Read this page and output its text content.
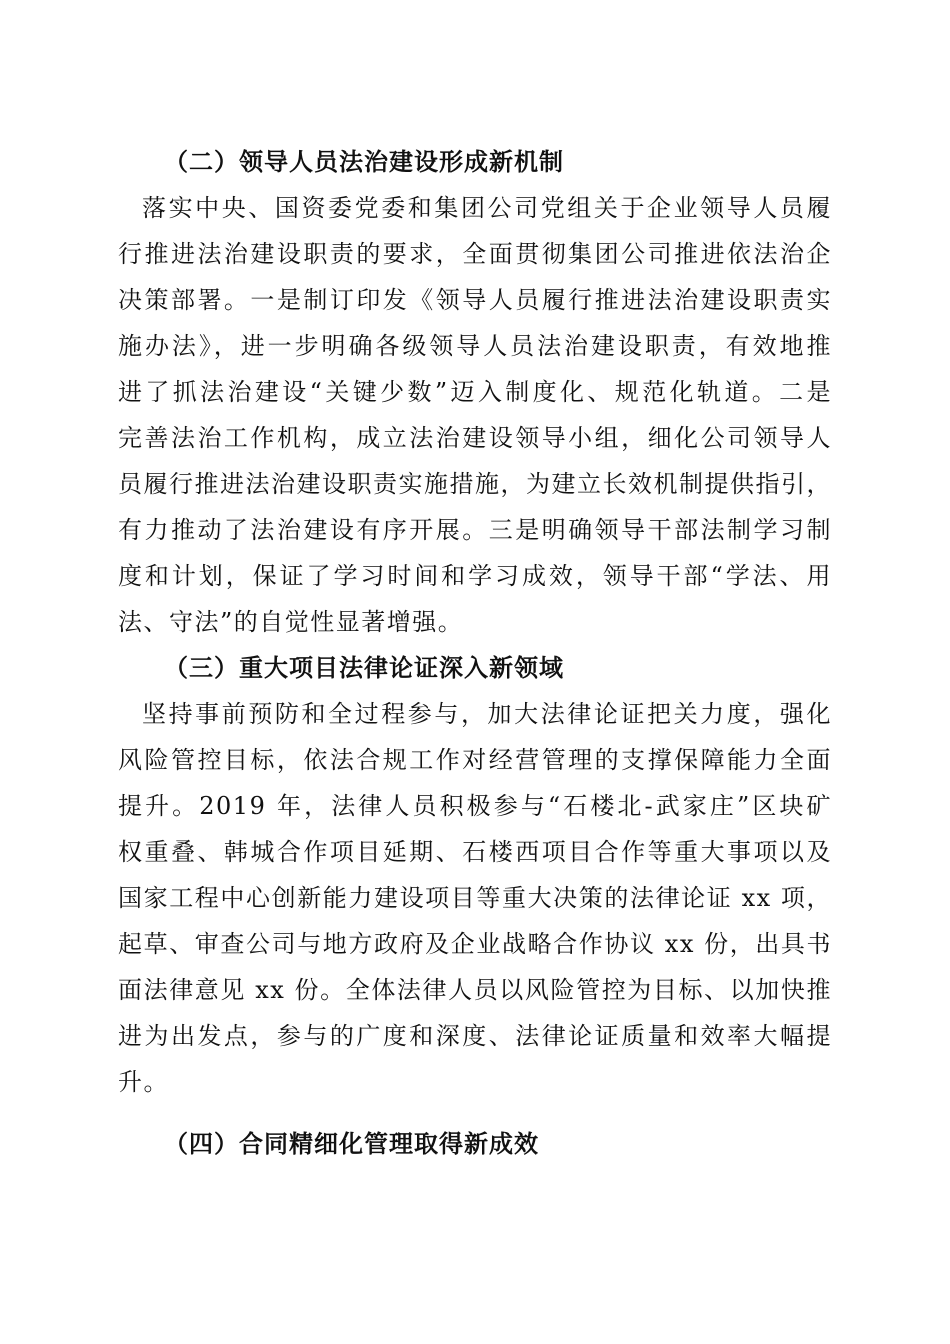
（二）领导人员法治建设形成新机制
落实中央、国资委党委和集团公司党组关于企业领导人员履
行推进法治建设职责的要求，全面贯彻集团公司推进依法治企
决策部署。一是制订印发《领导人员履行推进法治建设职责实
施办法》，进一步明确各级领导人员法治建设职责，有效地推
进了抓法治建设“关键少数”迈入制度化、规范化轨道。二是
完善法治工作机构，成立法治建设领导小组，细化公司领导人
员履行推进法治建设职责实施措施，为建立长效机制提供指引，
有力推动了法治建设有序开展。三是明确领导干部法制学习制
度和计划，保证了学习时间和学习成效，领导干部“学法、用
法、守法”的自觉性显著增强。
（三）重大项目法律论证深入新领域
坚持事前预防和全过程参与，加大法律论证把关力度，强化
风险管控目标，依法合规工作对经营管理的支撑保障能力全面
提升。2019 年，法律人员积极参与“石楼北-武家庄”区块矿
权重叠、韩城合作项目延期、石楼西项目合作等重大事项以及
国家工程中心创新能力建设项目等重大决策的法律论证 xx 项，
起草、审查公司与地方政府及企业战略合作协议 xx 份，出具书
面法律意见 xx 份。全体法律人员以风险管控为目标、以加快推
进为出发点，参与的广度和深度、法律论证质量和效率大幅提
升。
（四）合同精细化管理取得新成效
